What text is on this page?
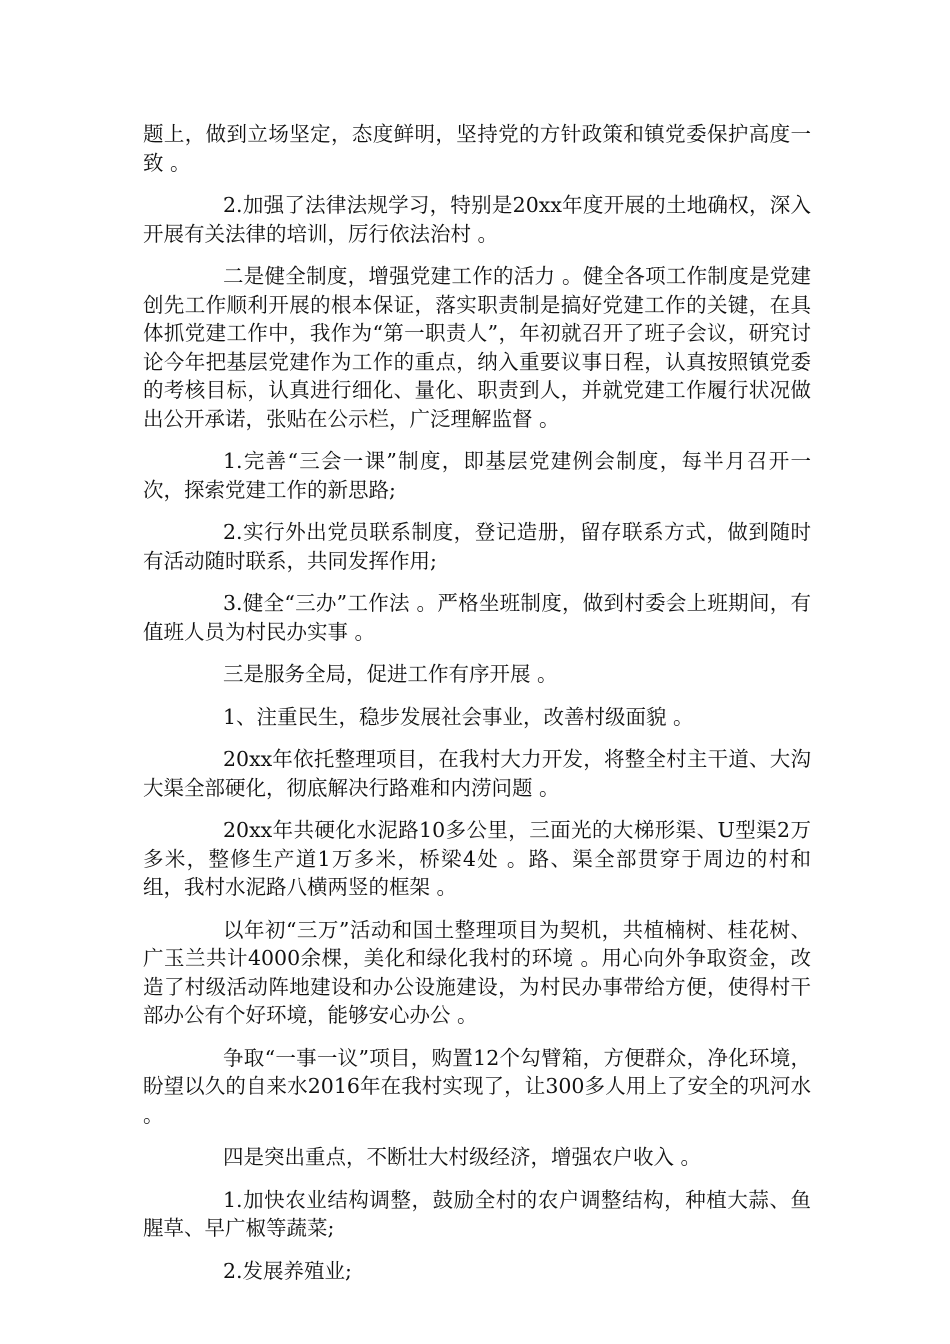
题上，做到立场坚定，态度鲜明，坚持党的方针政策和镇党委保护高度一致 。

2.加强了法律法规学习，特别是20xx年度开展的土地确权，深入开展有关法律的培训，厉行依法治村 。

二是健全制度，增强党建工作的活力 。健全各项工作制度是党建创先工作顺利开展的根本保证，落实职责制是搞好党建工作的关键，在具体抓党建工作中，我作为“第一职责人”，年初就召开了班子会议，研究讨论今年把基层党建作为工作的重点，纳入重要议事日程，认真按照镇党委的考核目标，认真进行细化、量化、职责到人，并就党建工作履行状况做出公开承诺，张贴在公示栏，广泛理解监督 。

1.完善“三会一课”制度，即基层党建例会制度，每半月召开一次，探索党建工作的新思路;

2.实行外出党员联系制度，登记造册，留存联系方式，做到随时有活动随时联系，共同发挥作用;

3.健全“三办”工作法 。严格坐班制度，做到村委会上班期间，有值班人员为村民办实事 。

三是服务全局，促进工作有序开展 。

1、注重民生，稳步发展社会事业，改善村级面貌 。

20xx年依托整理项目，在我村大力开发，将整全村主干道、大沟大渠全部硬化，彻底解决行路难和内涝问题 。

20xx年共硬化水泥路10多公里，三面光的大梯形渠、U型渠2万多米，整修生产道1万多米，桥梁4处 。路、渠全部贯穿于周边的村和组，我村水泥路八横两竖的框架 。

以年初“三万”活动和国土整理项目为契机，共植楠树、桂花树、广玉兰共计4000余棵，美化和绿化我村的环境 。用心向外争取资金，改造了村级活动阵地建设和办公设施建设，为村民办事带给方便，使得村干部办公有个好环境，能够安心办公 。

争取“一事一议”项目，购置12个勾臂箱，方便群众，净化环境，盼望以久的自来水2016年在我村实现了，让300多人用上了安全的巩河水 。

四是突出重点，不断壮大村级经济，增强农户收入 。

1.加快农业结构调整，鼓励全村的农户调整结构，种植大蒜、鱼腥草、早广椒等蔬菜;

2.发展养殖业;
